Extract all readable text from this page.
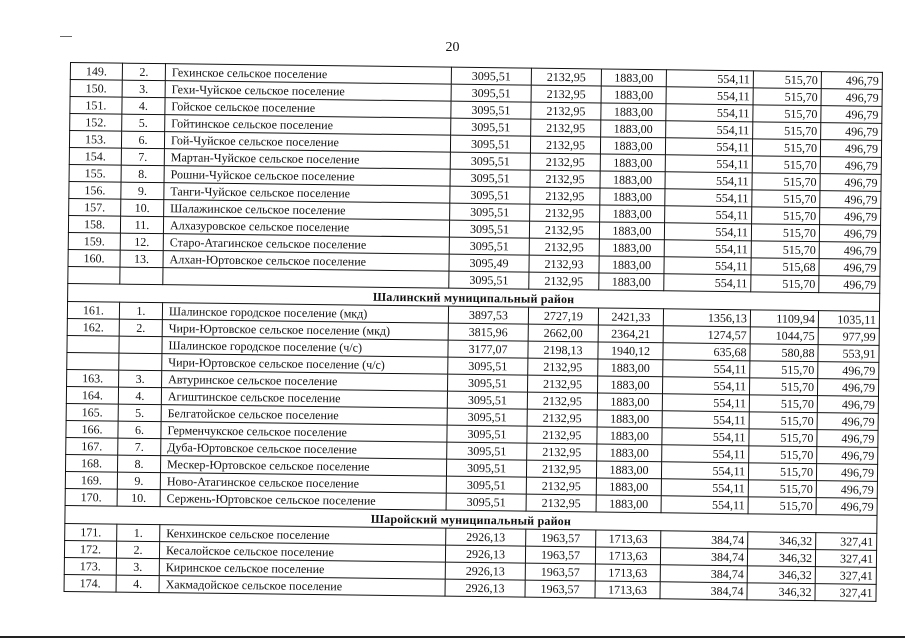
20
149.	2.	Гехинское сельское поселение	3095,51	2132,95	1883,00	554,11	515,70	496,79
150.	3.	Гехи-Чуйское сельское поселение	3095,51	2132,95	1883,00	554,11	515,70	496,79
151.	4.	Гойское сельское поселение	3095,51	2132,95	1883,00	554,11	515,70	496,79
152.	5.	Гойтинское сельское поселение	3095,51	2132,95	1883,00	554,11	515,70	496,79
153.	6.	Гой-Чуйское сельское поселение	3095,51	2132,95	1883,00	554,11	515,70	496,79
154.	7.	Мартан-Чуйское сельское поселение	3095,51	2132,95	1883,00	554,11	515,70	496,79
155.	8.	Рошни-Чуйское сельское поселение	3095,51	2132,95	1883,00	554,11	515,70	496,79
156.	9.	Танги-Чуйское сельское поселение	3095,51	2132,95	1883,00	554,11	515,70	496,79
157.	10.	Шалажинское сельское поселение	3095,51	2132,95	1883,00	554,11	515,70	496,79
158.	11.	Алхазуровское сельское поселение	3095,51	2132,95	1883,00	554,11	515,70	496,79
159.	12.	Старо-Атагинское сельское поселение	3095,51	2132,95	1883,00	554,11	515,70	496,79
160.	13.	Алхан-Юртовское сельское поселение	3095,49	2132,93	1883,00	554,11	515,68	496,79
			3095,51	2132,95	1883,00	554,11	515,70	496,79
Шалинский муниципальный район								
161.	1.	Шалинское городское поселение (мкд)	3897,53	2727,19	2421,33	1356,13	1109,94	1035,11
162.	2.	Чири-Юртовское сельское поселение (мкд)	3815,96	2662,00	2364,21	1274,57	1044,75	977,99
		Шалинское городское поселение (ч/с)	3177,07	2198,13	1940,12	635,68	580,88	553,91
		Чири-Юртовское сельское поселение (ч/с)	3095,51	2132,95	1883,00	554,11	515,70	496,79
163.	3.	Автуринское сельское поселение	3095,51	2132,95	1883,00	554,11	515,70	496,79
164.	4.	Агиштинское сельское поселение	3095,51	2132,95	1883,00	554,11	515,70	496,79
165.	5.	Белгатойское сельское поселение	3095,51	2132,95	1883,00	554,11	515,70	496,79
166.	6.	Герменчукское сельское поселение	3095,51	2132,95	1883,00	554,11	515,70	496,79
167.	7.	Дуба-Юртовское сельское поселение	3095,51	2132,95	1883,00	554,11	515,70	496,79
168.	8.	Мескер-Юртовское сельское поселение	3095,51	2132,95	1883,00	554,11	515,70	496,79
169.	9.	Ново-Атагинское сельское поселение	3095,51	2132,95	1883,00	554,11	515,70	496,79
170.	10.	Сержень-Юртовское сельское поселение	3095,51	2132,95	1883,00	554,11	515,70	496,79
Шаройский муниципальный район								
171.	1.	Кенхинское сельское поселение	2926,13	1963,57	1713,63	384,74	346,32	327,41
172.	2.	Кесалойское сельское поселение	2926,13	1963,57	1713,63	384,74	346,32	327,41
173.	3.	Киринское сельское поселение	2926,13	1963,57	1713,63	384,74	346,32	327,41
174.	4.	Хакмадойское сельское поселение	2926,13	1963,57	1713,63	384,74	346,32	327,41
